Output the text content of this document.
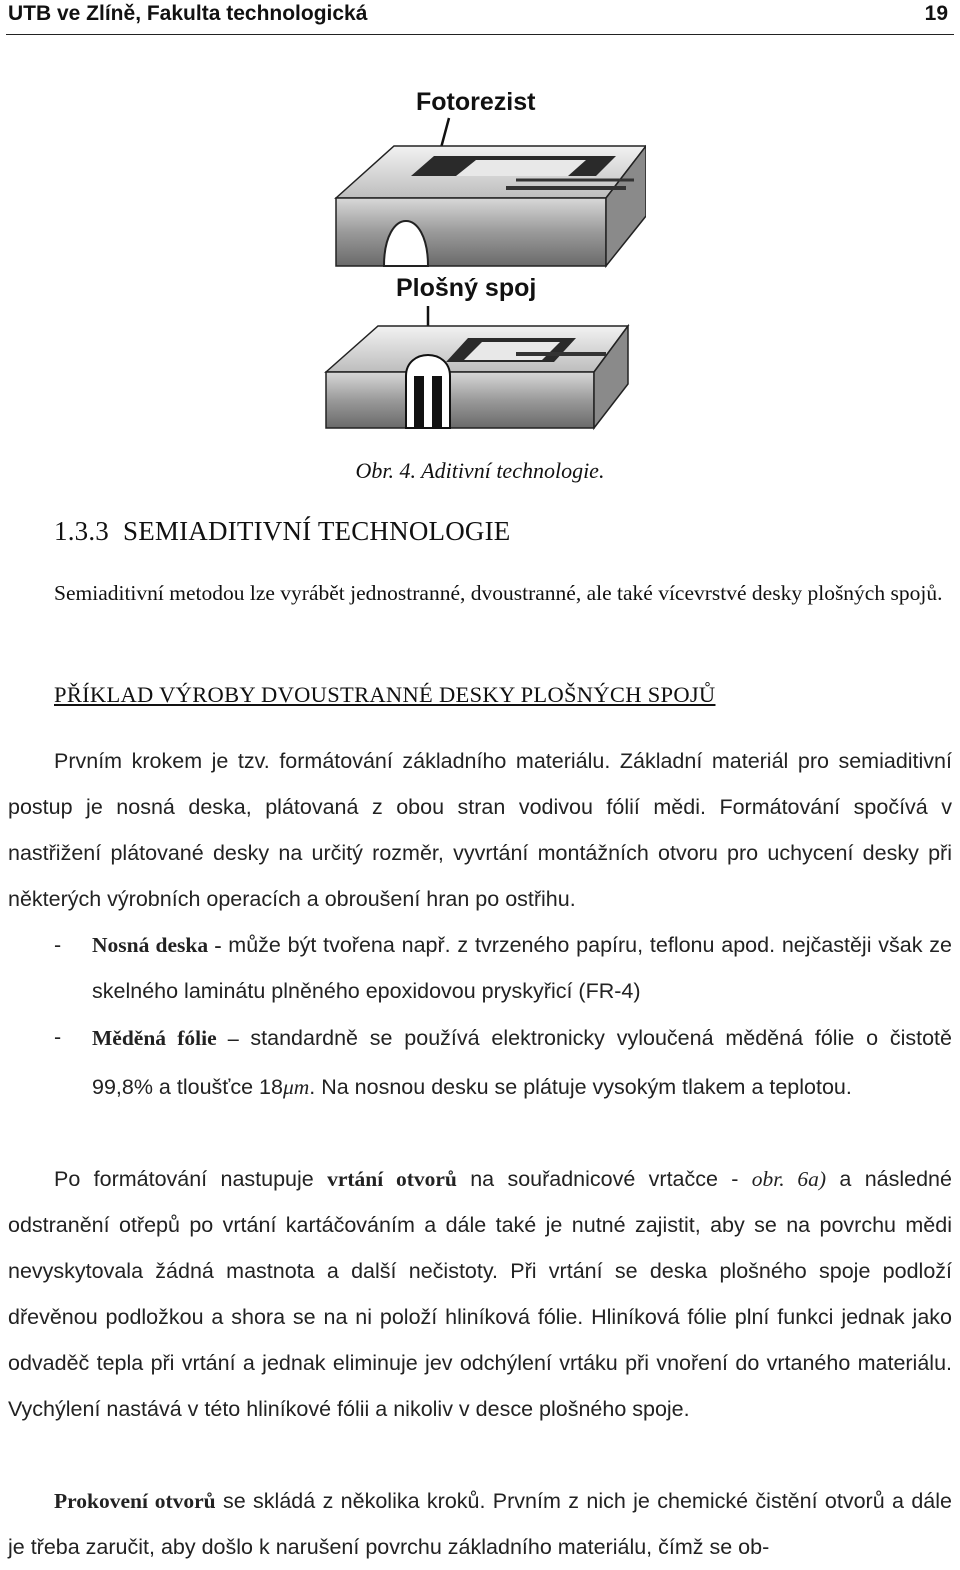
UTB ve Zlíně, Fakulta technologická	19
Fotorezist
Plošný spoj
Obr. 4. Aditivní technologie.
1.3.3 SEMIADITIVNÍ TECHNOLOGIE
Semiaditivní metodou lze vyrábět jednostranné, dvoustranné, ale také vícevrstvé desky plošných spojů.
PŘÍKLAD VÝROBY DVOUSTRANNÉ DESKY PLOŠNÝCH SPOJŮ
Prvním krokem je tzv. formátování základního materiálu. Základní materiál pro semiaditivní postup je nosná deska, plátovaná z obou stran vodivou fólií mědi. Formátování spočívá v nastřižení plátované desky na určitý rozměr, vyvrtání montážních otvoru pro uchycení desky při některých výrobních operacích a obroušení hran po ostřihu.
- Nosná deska - může být tvořena např. z tvrzeného papíru, teflonu apod. nejčastěji však ze skelného laminátu plněného epoxidovou pryskyřicí (FR-4)
- Měděná fólie – standardně se používá elektronicky vyloučená měděná fólie o čistotě 99,8% a tloušťce 18μm. Na nosnou desku se plátuje vysokým tlakem a teplotou.
Po formátování nastupuje vrtání otvorů na souřadnicové vrtačce - obr. 6a) a následné odstranění otřepů po vrtání kartáčováním a dále také je nutné zajistit, aby se na povrchu mědi nevyskytovala žádná mastnota a další nečistoty. Při vrtání se deska plošného spoje podloží dřevěnou podložkou a shora se na ni položí hliníková fólie. Hliníková fólie plní funkci jednak jako odvaděč tepla při vrtání a jednak eliminuje jev odchýlení vrtáku při vnoření do vrtaného materiálu. Vychýlení nastává v této hliníkové fólii a nikoliv v desce plošného spoje.
Prokovení otvorů se skládá z několika kroků. Prvním z nich je chemické čistění otvorů a dále je třeba zaručit, aby došlo k narušení povrchu základního materiálu, čímž se ob-
